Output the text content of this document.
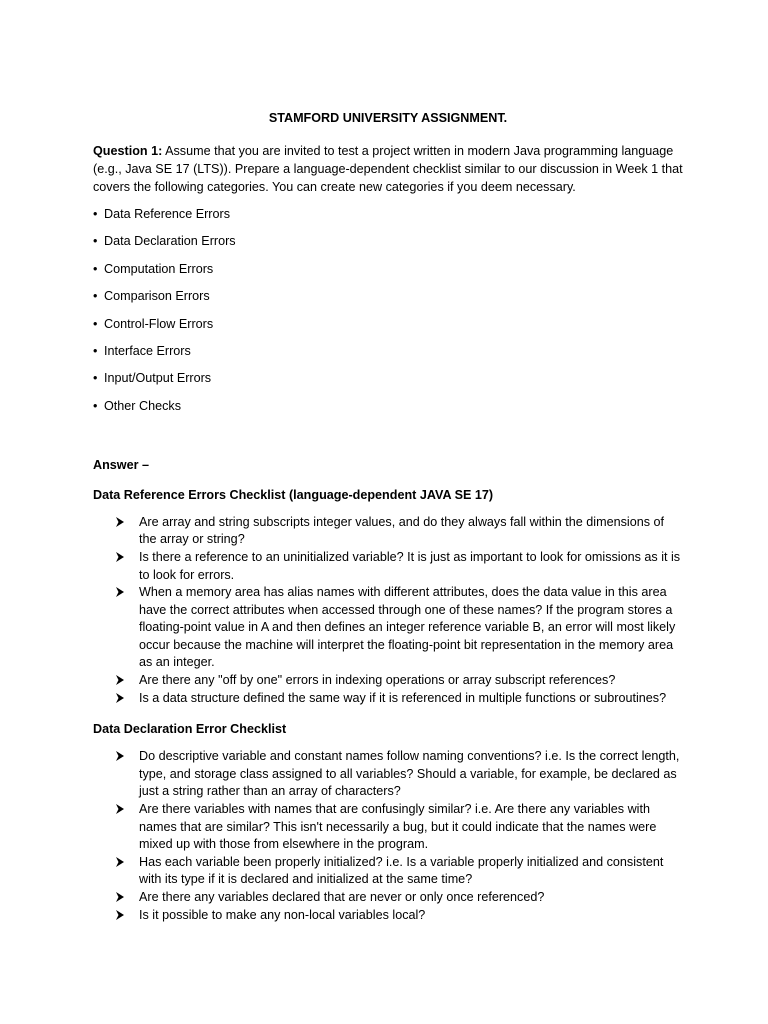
STAMFORD UNIVERSITY ASSIGNMENT.

Question 1: Assume that you are invited to test a project written in modern Java programming language (e.g., Java SE 17 (LTS)). Prepare a language-dependent checklist similar to our discussion in Week 1 that covers the following categories. You can create new categories if you deem necessary.

• Data Reference Errors
• Data Declaration Errors
• Computation Errors
• Comparison Errors
• Control-Flow Errors
• Interface Errors
• Input/Output Errors
• Other Checks
Answer –
Data Reference Errors Checklist (language-dependent JAVA SE 17)
Are array and string subscripts integer values, and do they always fall within the dimensions of the array or string?
Is there a reference to an uninitialized variable? It is just as important to look for omissions as it is to look for errors.
When a memory area has alias names with different attributes, does the data value in this area have the correct attributes when accessed through one of these names? If the program stores a floating-point value in A and then defines an integer reference variable B, an error will most likely occur because the machine will interpret the floating-point bit representation in the memory area as an integer.
Are there any "off by one" errors in indexing operations or array subscript references?
Is a data structure defined the same way if it is referenced in multiple functions or subroutines?
Data Declaration Error Checklist
Do descriptive variable and constant names follow naming conventions? i.e. Is the correct length, type, and storage class assigned to all variables? Should a variable, for example, be declared as just a string rather than an array of characters?
Are there variables with names that are confusingly similar? i.e. Are there any variables with names that are similar? This isn't necessarily a bug, but it could indicate that the names were mixed up with those from elsewhere in the program.
Has each variable been properly initialized? i.e. Is a variable properly initialized and consistent with its type if it is declared and initialized at the same time?
Are there any variables declared that are never or only once referenced?
Is it possible to make any non-local variables local?
